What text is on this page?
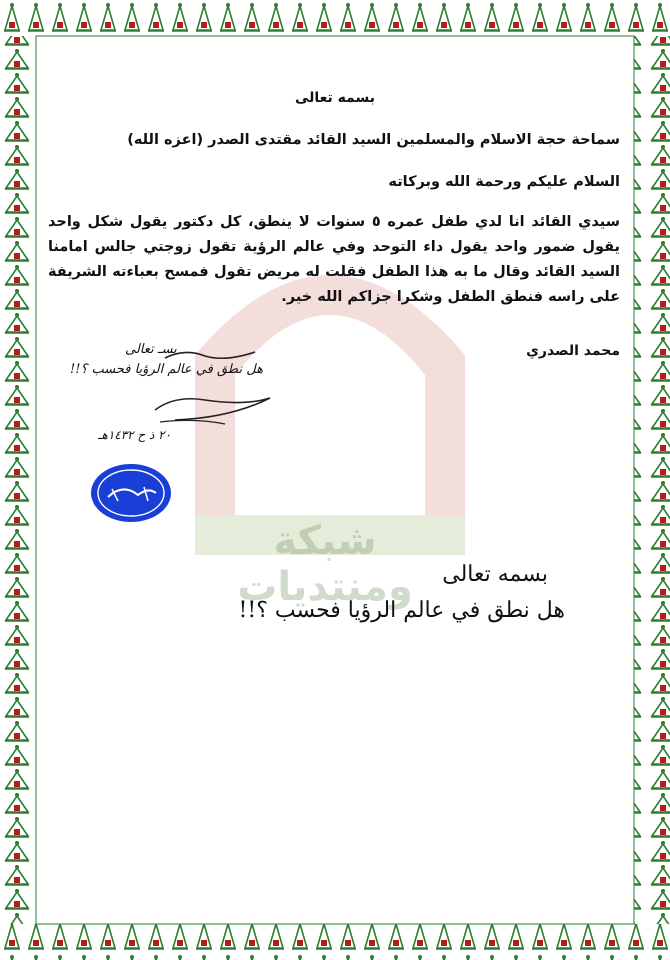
شبكة ومنتديات
بسمه تعالى
سماحة حجة الاسلام والمسلمين السيد القائد مقتدى الصدر (اعزه الله)
السلام عليكم ورحمة الله وبركاته
سيدي القائد انا لدي طفل عمره ٥ سنوات لا ينطق، كل دكتور يقول شكل واحد يقول ضمور واحد يقول داء التوحد وفي عالم الرؤية تقول زوجتي جالس امامنا السيد القائد وقال ما به هذا الطفل فقلت له مريض تقول فمسح بعباءته الشريفة على راسه فنطق الطفل وشكرا جزاكم الله خير.
محمد الصدري
بسـ تعالى
هل نطق في عالم الرؤيا فحسب ؟!!
٢٠ ذ ح ١٤٣٢هـ
بسمه تعالى
هل نطق في عالم الرؤيا فحسب ؟!!
